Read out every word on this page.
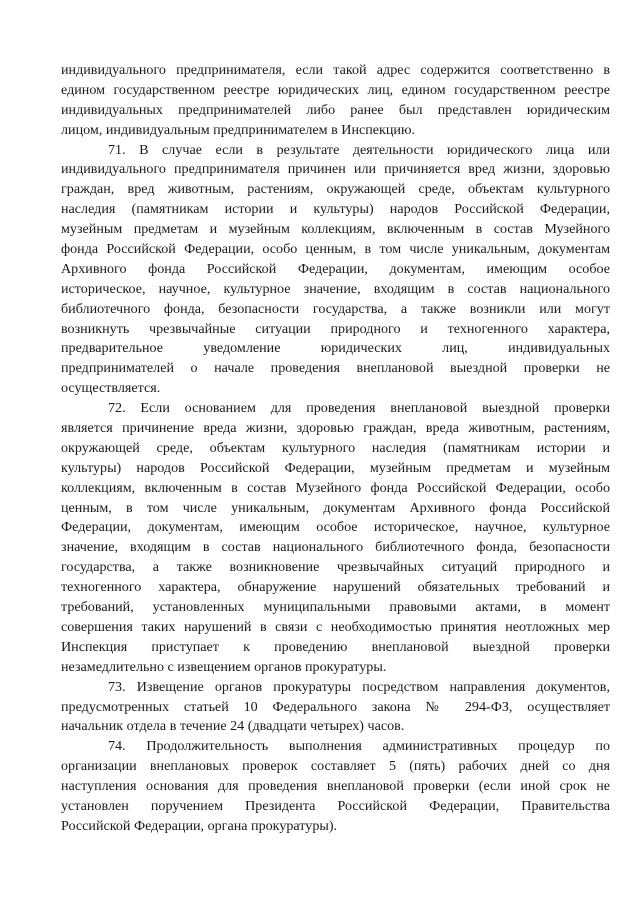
индивидуального предпринимателя, если такой адрес содержится соответственно в
едином государственном реестре юридических лиц, едином государственном реестре
индивидуальных предпринимателей либо ранее был представлен юридическим
лицом, индивидуальным предпринимателем в Инспекцию.
71. В случае если в результате деятельности юридического лица или
индивидуального предпринимателя причинен или причиняется вред жизни, здоровью
граждан, вред животным, растениям, окружающей среде, объектам культурного
наследия (памятникам истории и культуры) народов Российской Федерации,
музейным предметам и музейным коллекциям, включенным в состав Музейного
фонда Российской Федерации, особо ценным, в том числе уникальным, документам
Архивного фонда Российской Федерации, документам, имеющим особое
историческое, научное, культурное значение, входящим в состав национального
библиотечного фонда, безопасности государства, а также возникли или могут
возникнуть чрезвычайные ситуации природного и техногенного характера,
предварительное уведомление юридических лиц, индивидуальных
предпринимателей о начале проведения внеплановой выездной проверки не
осуществляется.
72. Если основанием для проведения внеплановой выездной проверки
является причинение вреда жизни, здоровью граждан, вреда животным, растениям,
окружающей среде, объектам культурного наследия (памятникам истории и
культуры) народов Российской Федерации, музейным предметам и музейным
коллекциям, включенным в состав Музейного фонда Российской Федерации, особо
ценным, в том числе уникальным, документам Архивного фонда Российской
Федерации, документам, имеющим особое историческое, научное, культурное
значение, входящим в состав национального библиотечного фонда, безопасности
государства, а также возникновение чрезвычайных ситуаций природного и
техногенного характера, обнаружение нарушений обязательных требований и
требований, установленных муниципальными правовыми актами, в момент
совершения таких нарушений в связи с необходимостью принятия неотложных мер
Инспекция приступает к проведению внеплановой выездной проверки
незамедлительно с извещением органов прокуратуры.
73. Извещение органов прокуратуры посредством направления документов,
предусмотренных статьей 10 Федерального закона № 294-ФЗ, осуществляет
начальник отдела в течение 24 (двадцати четырех) часов.
74. Продолжительность выполнения административных процедур по
организации внеплановых проверок составляет 5 (пять) рабочих дней со дня
наступления основания для проведения внеплановой проверки (если иной срок не
установлен поручением Президента Российской Федерации, Правительства
Российской Федерации, органа прокуратуры).
